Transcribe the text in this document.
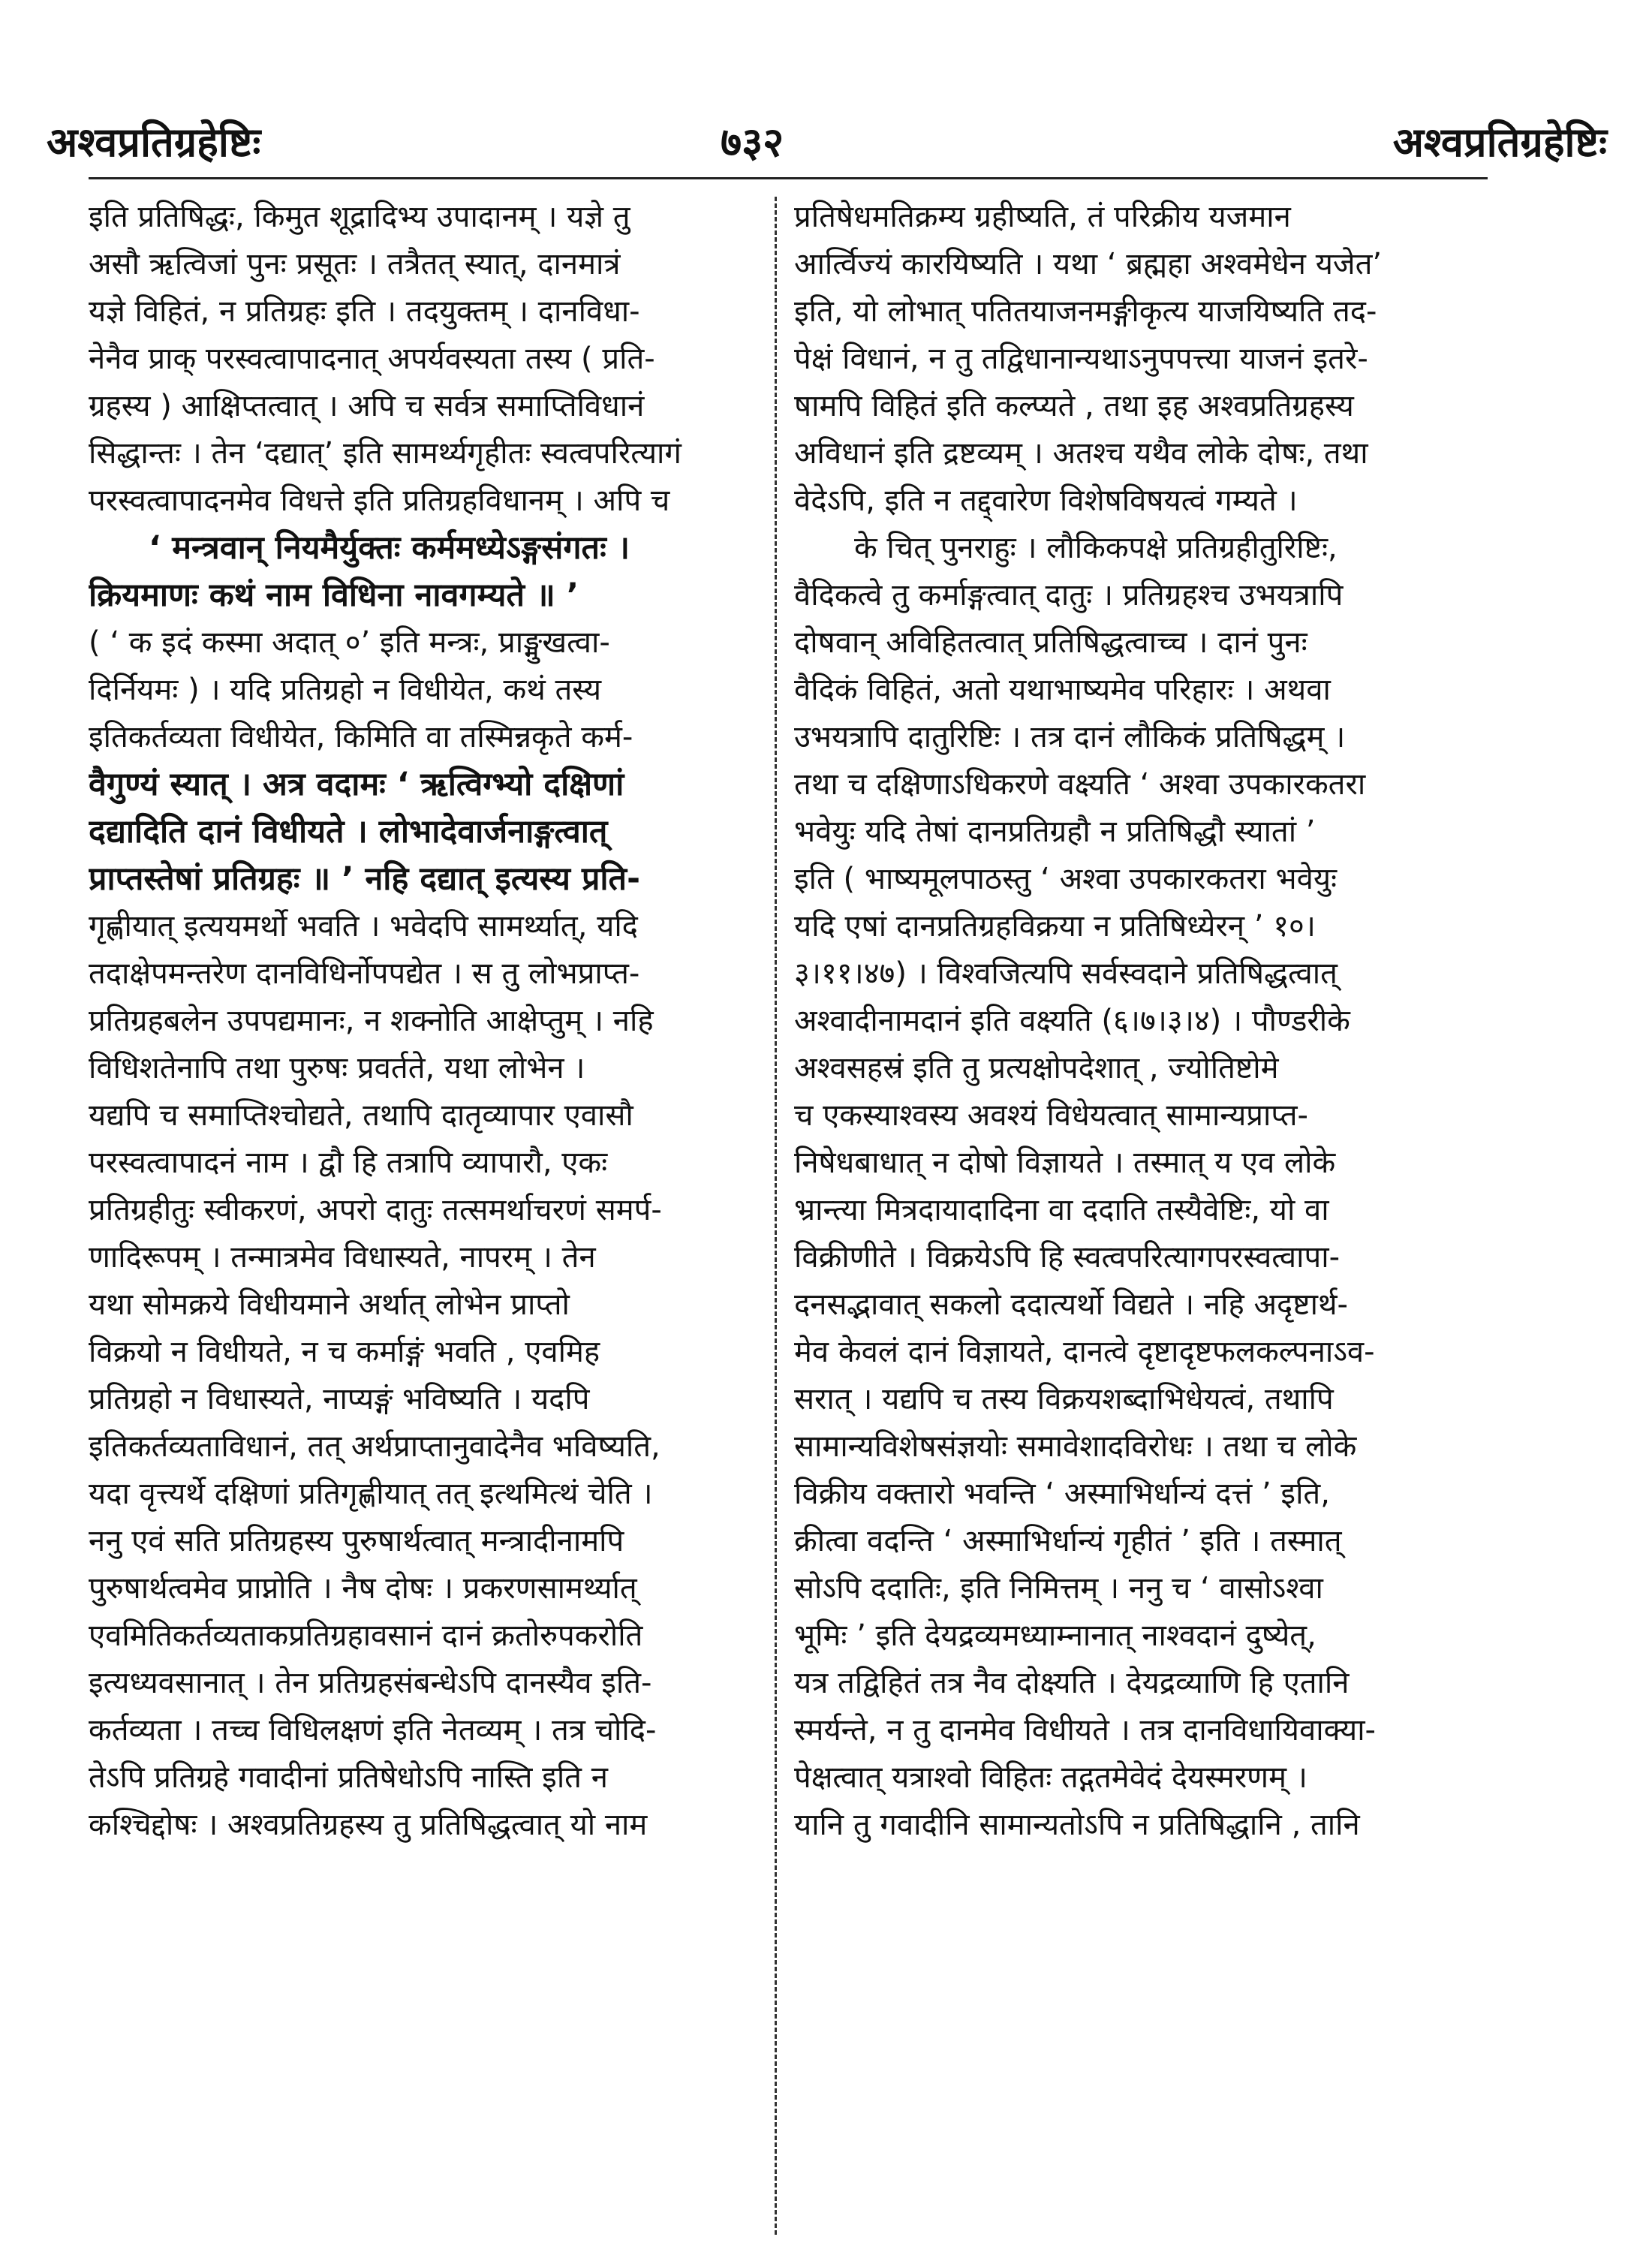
अश्वप्रतिग्रहेष्टिः	७३२	अश्वप्रतिग्रहेष्टिः
इति प्रतिषिद्धः, किमुत शूद्रादिभ्य उपादानम् । यज्ञे तु
असौ ऋत्विजां पुनः प्रसूतः । तत्रैतत् स्यात्, दानमात्रं
यज्ञे विहितं, न प्रतिग्रहः इति । तदयुक्तम् । दानविधा-
नेनैव प्राक् परस्वत्वापादनात् अपर्यवस्यता तस्य ( प्रति-
ग्रहस्य ) आक्षिप्तत्वात् । अपि च सर्वत्र समाप्तिविधानं
सिद्धान्तः । तेन ‘दद्यात्’ इति सामर्थ्यगृहीतः स्वत्वपरित्यागं
परस्वत्वापादनमेव विधत्ते इति प्रतिग्रहविधानम् । अपि च
‘ मन्त्रवान् नियमैर्युक्तः कर्ममध्येऽङ्गसंगतः ।
क्रियमाणः कथं नाम विधिना नावगम्यते ॥ ’
( ‘ क इदं कस्मा अदात् ०’ इति मन्त्रः, प्राङ्मुखत्वा-
दिर्नियमः ) । यदि प्रतिग्रहो न विधीयेत, कथं तस्य
इतिकर्तव्यता विधीयेत, किमिति वा तस्मिन्नकृते कर्म-
वैगुण्यं स्यात् । अत्र वदामः ‘ ऋत्विग्भ्यो दक्षिणां
दद्यादिति दानं विधीयते । लोभादेवार्जनाङ्गत्वात्
प्राप्तस्तेषां प्रतिग्रहः ॥ ’ नहि दद्यात् इत्यस्य प्रति-
गृह्णीयात् इत्ययमर्थो भवति । भवेदपि सामर्थ्यात्, यदि
तदाक्षेपमन्तरेण दानविधिर्नोपपद्येत । स तु लोभप्राप्त-
प्रतिग्रहबलेन उपपद्यमानः, न शक्नोति आक्षेप्तुम् । नहि
विधिशतेनापि तथा पुरुषः प्रवर्तते, यथा लोभेन ।
यद्यपि च समाप्तिश्चोद्यते, तथापि दातृव्यापार एवासौ
परस्वत्वापादनं नाम । द्वौ हि तत्रापि व्यापारौ, एकः
प्रतिग्रहीतुः स्वीकरणं, अपरो दातुः तत्समर्थाचरणं समर्प-
णादिरूपम् । तन्मात्रमेव विधास्यते, नापरम् । तेन
यथा सोमक्रये विधीयमाने अर्थात् लोभेन प्राप्तो
विक्रयो न विधीयते, न च कर्माङ्गं भवति , एवमिह
प्रतिग्रहो न विधास्यते, नाप्यङ्गं भविष्यति । यदपि
इतिकर्तव्यताविधानं, तत् अर्थप्राप्तानुवादेनैव भविष्यति,
यदा वृत्त्यर्थे दक्षिणां प्रतिगृह्णीयात् तत् इत्थमित्थं चेति ।
ननु एवं सति प्रतिग्रहस्य पुरुषार्थत्वात् मन्त्रादीनामपि
पुरुषार्थत्वमेव प्राप्नोति । नैष दोषः । प्रकरणसामर्थ्यात्
एवमितिकर्तव्यताकप्रतिग्रहावसानं दानं क्रतोरुपकरोति
इत्यध्यवसानात् । तेन प्रतिग्रहसंबन्धेऽपि दानस्यैव इति-
कर्तव्यता । तच्च विधिलक्षणं इति नेतव्यम् । तत्र चोदि-
तेऽपि प्रतिग्रहे गवादीनां प्रतिषेधोऽपि नास्ति इति न
कश्चिद्दोषः । अश्वप्रतिग्रहस्य तु प्रतिषिद्धत्वात् यो नाम
प्रतिषेधमतिक्रम्य ग्रहीष्यति, तं परिक्रीय यजमान
आर्त्विज्यं कारयिष्यति । यथा ‘ ब्रह्महा अश्वमेधेन यजेत’
इति, यो लोभात् पतितयाजनमङ्गीकृत्य याजयिष्यति तद-
पेक्षं विधानं, न तु तद्विधानान्यथाऽनुपपत्त्या याजनं इतरे-
षामपि विहितं इति कल्प्यते , तथा इह अश्वप्रतिग्रहस्य
अविधानं इति द्रष्टव्यम् । अतश्च यथैव लोके दोषः, तथा
वेदेऽपि, इति न तद्द्वारेण विशेषविषयत्वं गम्यते ।
के चित् पुनराहुः । लौकिकपक्षे प्रतिग्रहीतुरिष्टिः,
वैदिकत्वे तु कर्माङ्गत्वात् दातुः । प्रतिग्रहश्च उभयत्रापि
दोषवान् अविहितत्वात् प्रतिषिद्धत्वाच्च । दानं पुनः
वैदिकं विहितं, अतो यथाभाष्यमेव परिहारः । अथवा
उभयत्रापि दातुरिष्टिः । तत्र दानं लौकिकं प्रतिषिद्धम् ।
तथा च दक्षिणाऽधिकरणे वक्ष्यति ‘ अश्वा उपकारकतरा
भवेयुः यदि तेषां दानप्रतिग्रहौ न प्रतिषिद्धौ स्यातां ’
इति ( भाष्यमूलपाठस्तु ‘ अश्वा उपकारकतरा भवेयुः
यदि एषां दानप्रतिग्रहविक्रया न प्रतिषिध्येरन् ’ १०।
३।११।४७) । विश्वजित्यपि सर्वस्वदाने प्रतिषिद्धत्वात्
अश्वादीनामदानं इति वक्ष्यति (६।७।३।४) । पौण्डरीके
अश्वसहस्रं इति तु प्रत्यक्षोपदेशात् , ज्योतिष्टोमे
च एकस्याश्वस्य अवश्यं विधेयत्वात् सामान्यप्राप्त-
निषेधबाधात् न दोषो विज्ञायते । तस्मात् य एव लोके
भ्रान्त्या मित्रदायादादिना वा ददाति तस्यैवेष्टिः, यो वा
विक्रीणीते । विक्रयेऽपि हि स्वत्वपरित्यागपरस्वत्वापा-
दनसद्भावात् सकलो ददात्यर्थो विद्यते । नहि अदृष्टार्थ-
मेव केवलं दानं विज्ञायते, दानत्वे दृष्टादृष्टफलकल्पनाऽव-
सरात् । यद्यपि च तस्य विक्रयशब्दाभिधेयत्वं, तथापि
सामान्यविशेषसंज्ञयोः समावेशादविरोधः । तथा च लोके
विक्रीय वक्तारो भवन्ति ‘ अस्माभिर्धान्यं दत्तं ’ इति,
क्रीत्वा वदन्ति ‘ अस्माभिर्धान्यं गृहीतं ’ इति । तस्मात्
सोऽपि ददातिः, इति निमित्तम् । ननु च ‘ वासोऽश्वा
भूमिः ’ इति देयद्रव्यमध्याम्नानात् नाश्वदानं दुष्येत्,
यत्र तद्विहितं तत्र नैव दोक्ष्यति । देयद्रव्याणि हि एतानि
स्मर्यन्ते, न तु दानमेव विधीयते । तत्र दानविधायिवाक्या-
पेक्षत्वात् यत्राश्वो विहितः तद्गतमेवेदं देयस्मरणम् ।
यानि तु गवादीनि सामान्यतोऽपि न प्रतिषिद्धानि , तानि
